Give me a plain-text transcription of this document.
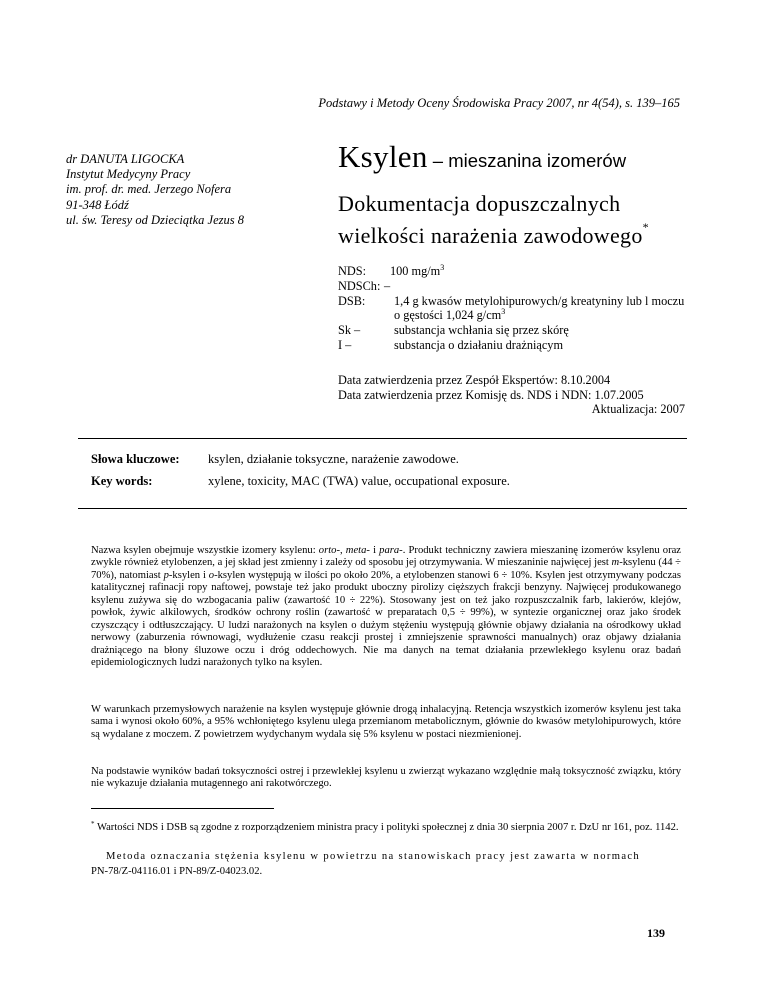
Podstawy i Metody Oceny Środowiska Pracy 2007, nr 4(54), s. 139–165
dr DANUTA LIGOCKA
Instytut Medycyny Pracy
im. prof. dr. med. Jerzego Nofera
91-348 Łódź
ul. św. Teresy od Dzieciątka Jezus 8
Ksylen – mieszanina izomerów
Dokumentacja dopuszczalnych
wielkości narażenia zawodowego*
NDS:	100 $mg/m^3$
NDSCh: –
DSB:	1,4 g kwasów metylohipurowych/g kreatyniny lub l moczu
o gęstości 1,024 $g/cm^3$
Sk –	substancja wchłania się przez skórę
I –	substancja o działaniu drażniącym
Data zatwierdzenia przez Zespół Ekspertów: 8.10.2004
Data zatwierdzenia przez Komisję ds. NDS i NDN: 1.07.2005
Aktualizacja: 2007
Słowa kluczowe: ksylen, działanie toksyczne, narażenie zawodowe.
Key words:	xylene, toxicity, MAC (TWA) value, occupational exposure.
Nazwa ksylen obejmuje wszystkie izomery ksylenu: orto-, meta- i para-. Produkt techniczny zawiera mieszaninę izomerów ksylenu oraz zwykle również etylobenzen, a jej skład jest zmienny i zależy od sposobu jej otrzymywania. W mieszaninie najwięcej jest m-ksylenu (44 ÷ 70%), natomiast p-ksylen i o-ksylen występują w ilości po około 20%, a etylobenzen stanowi 6 ÷ 10%. Ksylen jest otrzymywany podczas katalitycznej rafinacji ropy naftowej, powstaje też jako produkt uboczny pirolizy cięższych frakcji benzyny. Najwięcej produkowanego ksylenu zużywa się do wzbogacania paliw (zawartość 10 ÷ 22%). Stosowany jest on też jako rozpuszczalnik farb, lakierów, klejów, powłok, żywic alkilowych, środków ochrony roślin (zawartość w preparatach 0,5 ÷ 99%), w syntezie organicznej oraz jako środek czyszczący i odtłuszczający. U ludzi narażonych na ksylen o dużym stężeniu występują głównie objawy działania na ośrodkowy układ nerwowy (zaburzenia równowagi, wydłużenie czasu reakcji prostej i zmniejszenie sprawności manualnych) oraz objawy działania drażniącego na błony śluzowe oczu i dróg oddechowych. Nie ma danych na temat działania przewlekłego ksylenu oraz badań epidemiologicznych ludzi narażonych tylko na ksylen.
W warunkach przemysłowych narażenie na ksylen występuje głównie drogą inhalacyjną. Retencja wszystkich izomerów ksylenu jest taka sama i wynosi około 60%, a 95% wchłoniętego ksylenu ulega przemianom metabolicznym, głównie do kwasów metylohipurowych, które są wydalane z moczem. Z powietrzem wydychanym wydala się 5% ksylenu w postaci niezmienionej.
Na podstawie wyników badań toksyczności ostrej i przewlekłej ksylenu u zwierząt wykazano względnie małą toksyczność związku, który nie wykazuje działania mutagennego ani rakotwórczego.
* Wartości NDS i DSB są zgodne z rozporządzeniem ministra pracy i polityki społecznej z dnia 30 sierpnia 2007 r. DzU nr 161, poz. 1142.
Metoda oznaczania stężenia ksylenu w powietrzu na stanowiskach pracy jest zawarta w normach
PN-78/Z-04116.01 i PN-89/Z-04023.02.
139
